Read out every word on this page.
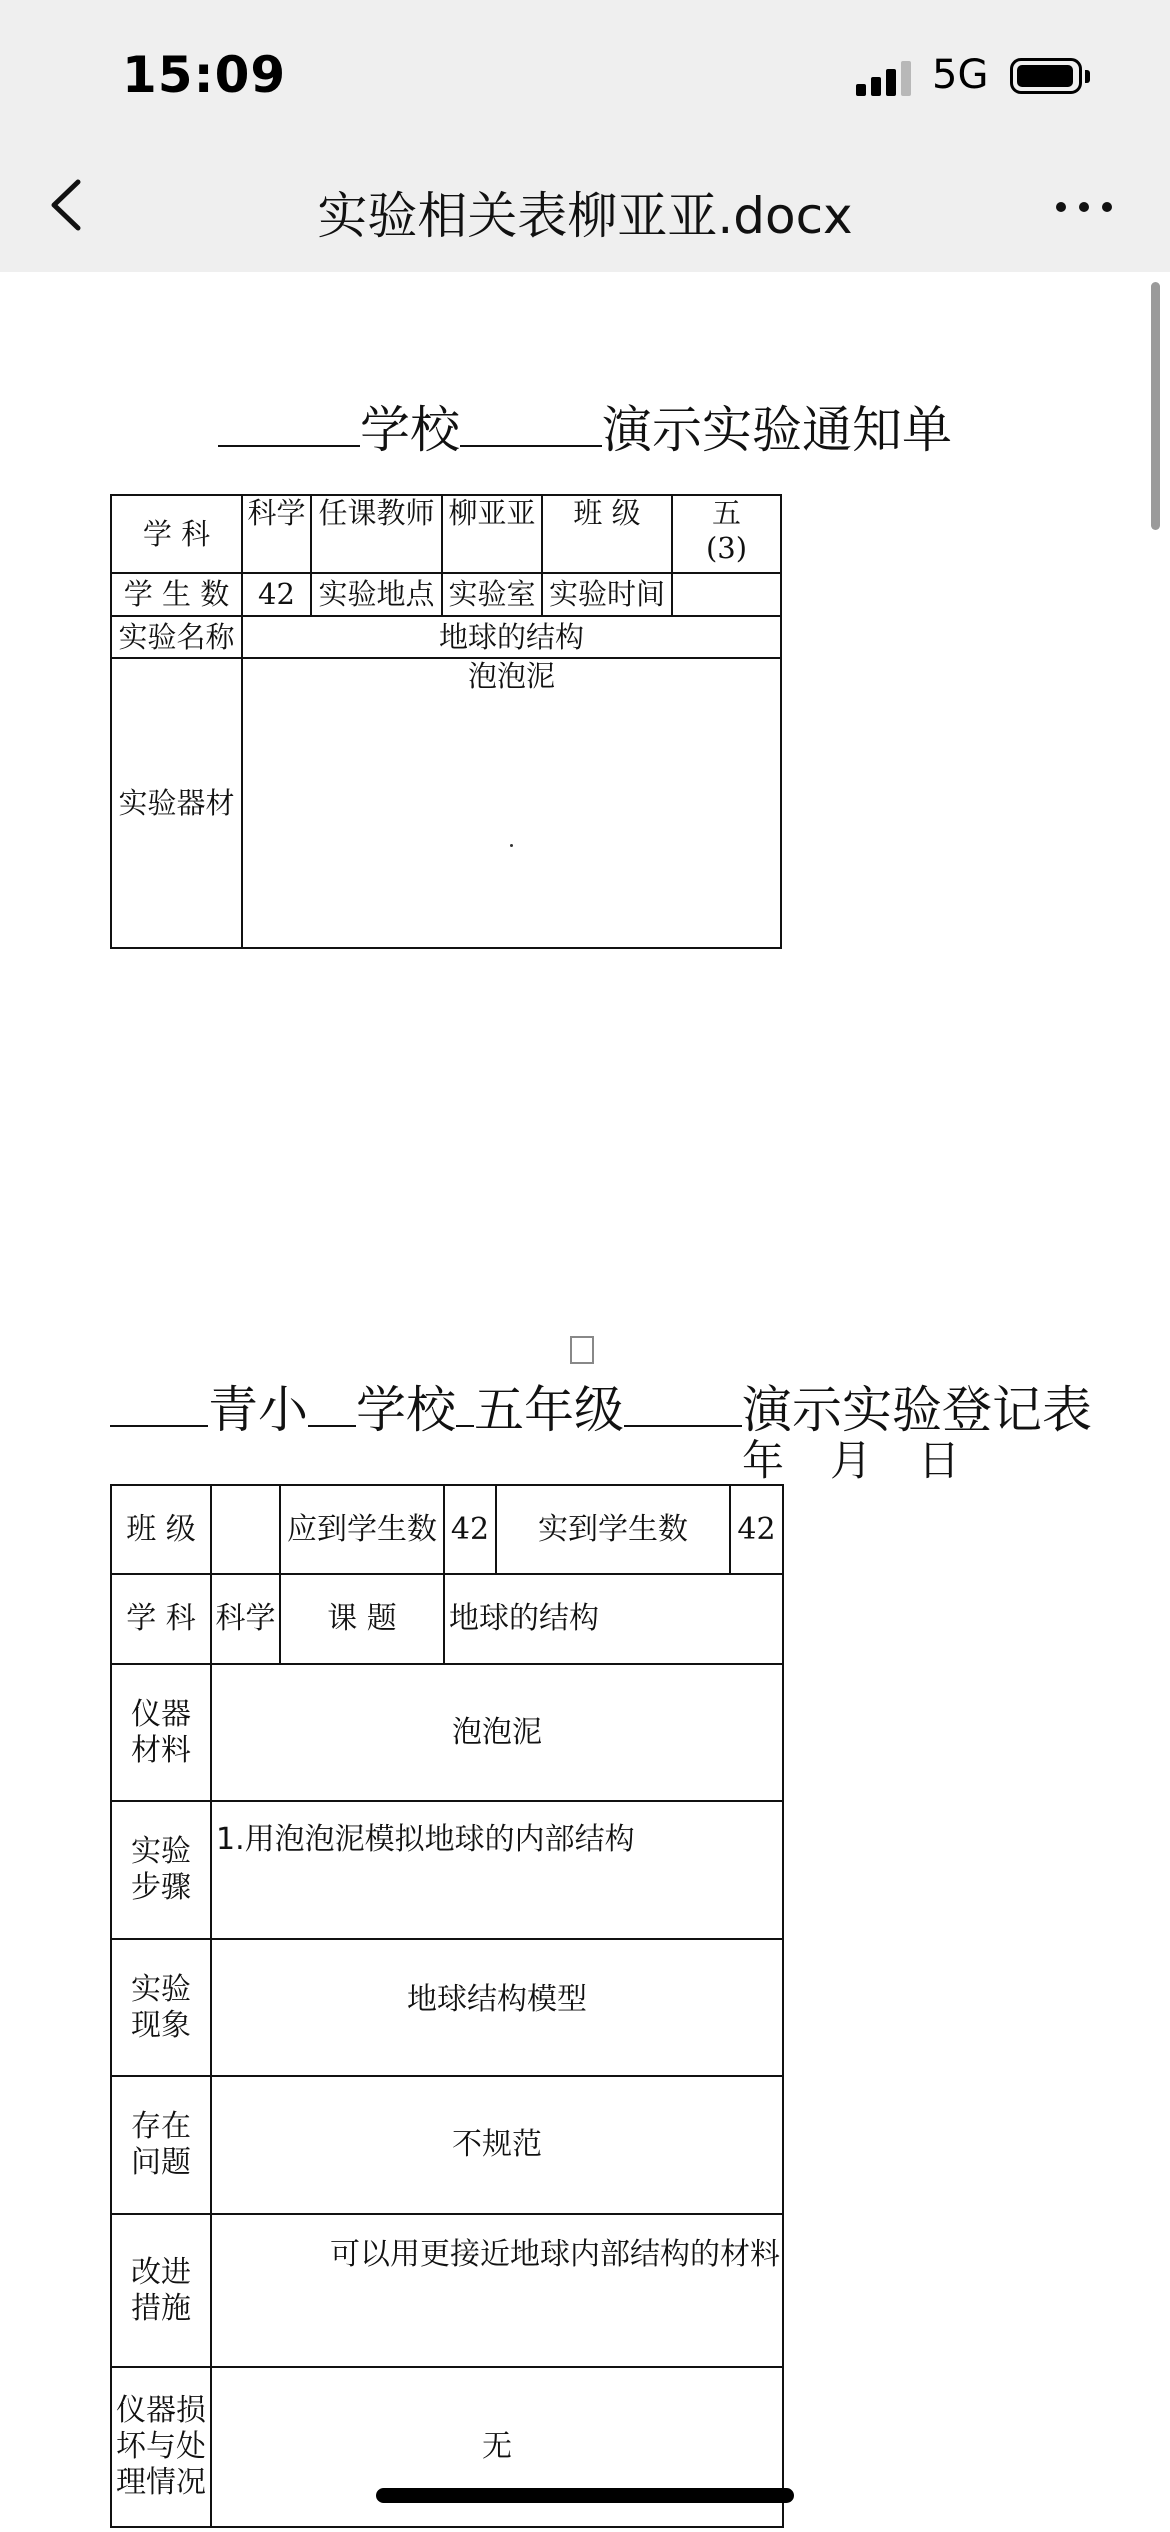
15:09	5G
实验相关表柳亚亚.docx
学校	演示实验通知单
学 科	科学	任课教师	柳亚亚	班 级	五
(3)

学 生 数	42	实验地点	实验室	实验时间	
实验名称	地球的结构				
实验器材	泡泡泥				
青小 学校 五年级 演示实验登记表
年　月　日
班 级		应到学生数	42	实到学生数	42
学 科	科学	课 题	地球的结构		

仪器
材料	泡泡泥				

实验
步骤	1.用泡泡泥模拟地球的内部结构				

实验
现象	地球结构模型				

存在
问题	不规范				

改进
措施	可以用更接近地球内部结构的材料				

仪器损
坏与处
理情况	无				
